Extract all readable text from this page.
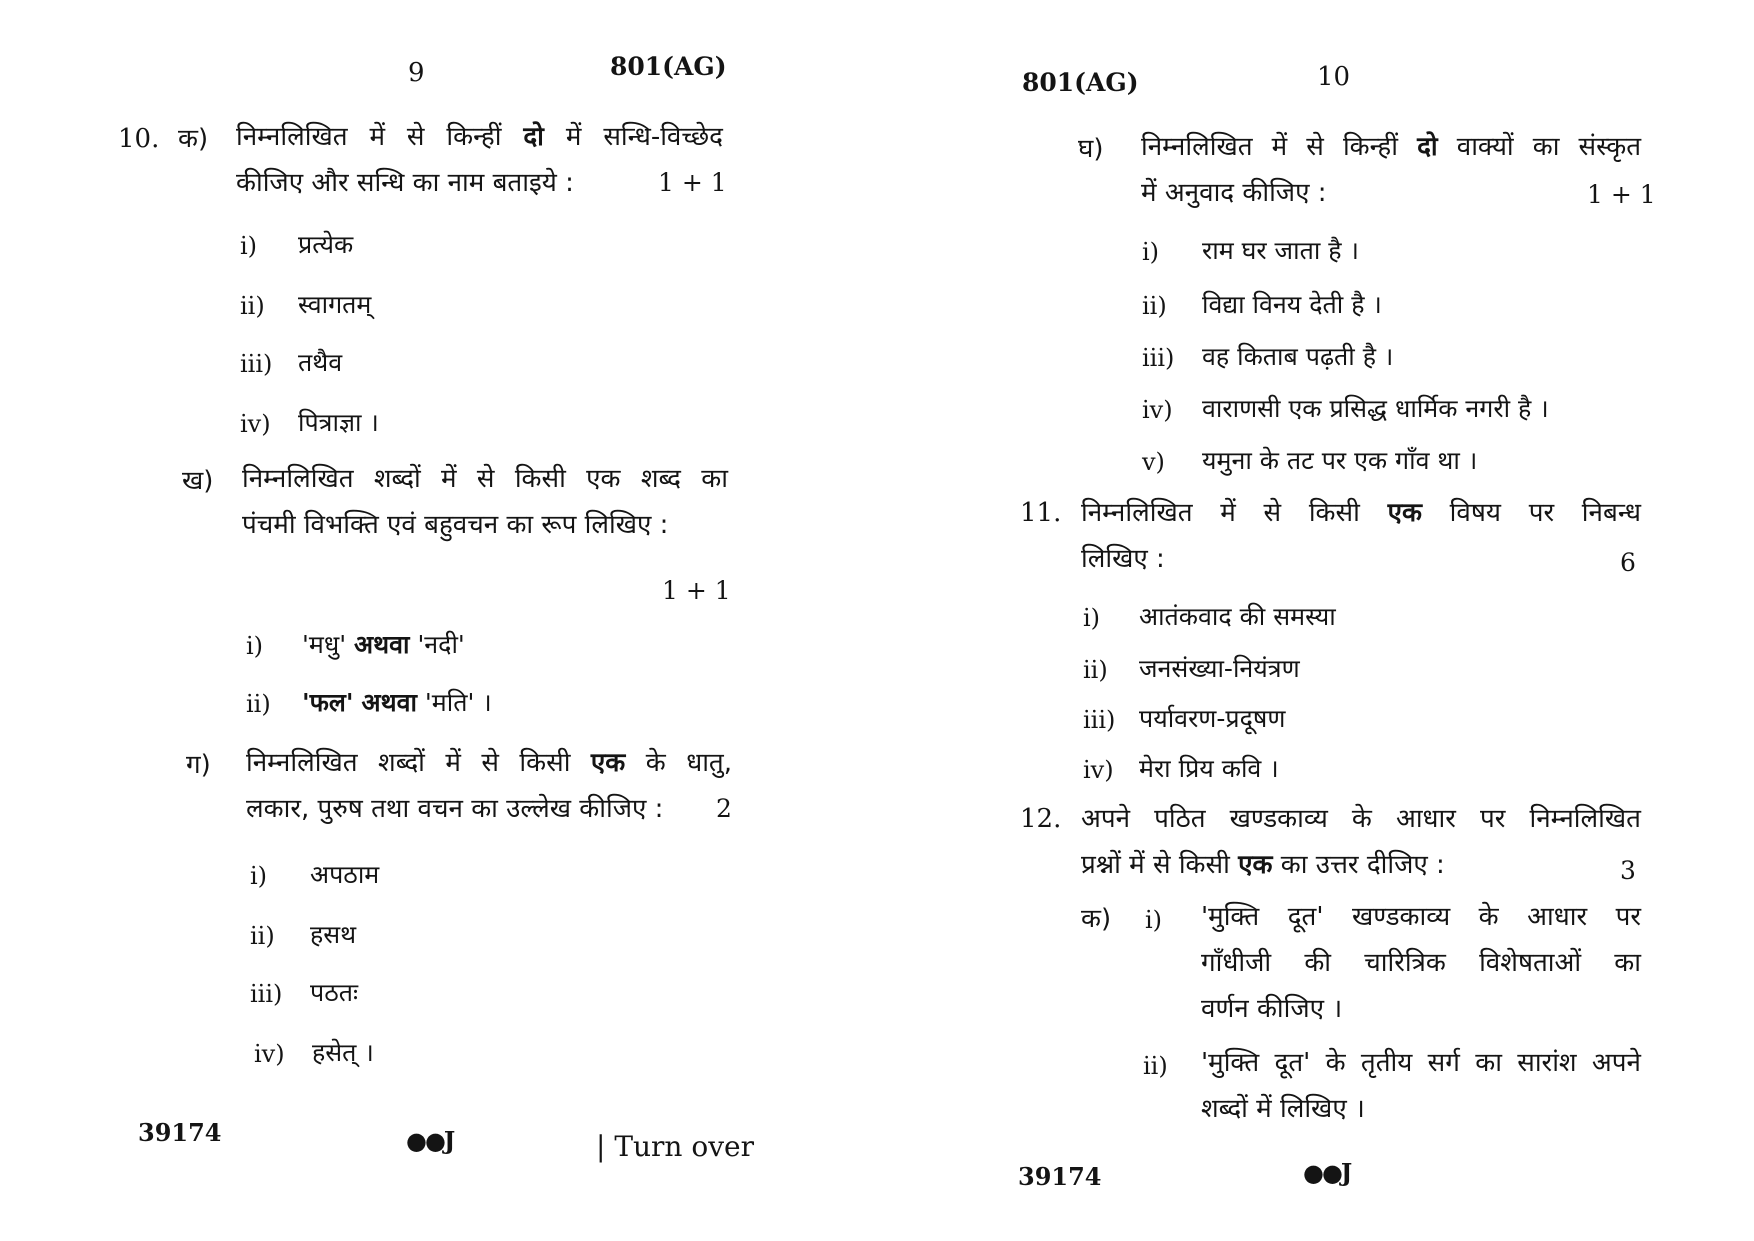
9	801(AG)
10. क) निम्नलिखित में से किन्हीं दो में सन्धि-विच्छेद
कीजिए और सन्धि का नाम बताइये :	1 + 1
i) प्रत्येक
ii) स्वागतम्
iii) तथैव
iv) पित्राज्ञा ।
ख) निम्नलिखित शब्दों में से किसी एक शब्द का
पंचमी विभक्ति एवं बहुवचन का रूप लिखिए :
1 + 1
i) 'मधु' अथवा 'नदी'
ii) 'फल' अथवा 'मति' ।
ग) निम्नलिखित शब्दों में से किसी एक के धातु,
लकार, पुरुष तथा वचन का उल्लेख कीजिए : 2
i) अपठाम
ii) हसथ
iii) पठतः
iv) हसेत् ।
39174	●●J	| Turn over
801(AG)	10
घ) निम्नलिखित में से किन्हीं दो वाक्यों का संस्कृत
में अनुवाद कीजिए :	1 + 1
i) राम घर जाता है ।
ii) विद्या विनय देती है ।
iii) वह किताब पढ़ती है ।
iv) वाराणसी एक प्रसिद्ध धार्मिक नगरी है ।
v) यमुना के तट पर एक गाँव था ।
11. निम्नलिखित में से किसी एक विषय पर निबन्ध
लिखिए :	6
i) आतंकवाद की समस्या
ii) जनसंख्या-नियंत्रण
iii) पर्यावरण-प्रदूषण
iv) मेरा प्रिय कवि ।
12. अपने पठित खण्डकाव्य के आधार पर निम्नलिखित
प्रश्नों में से किसी एक का उत्तर दीजिए :	3
क) i) 'मुक्ति दूत' खण्डकाव्य के आधार पर
गाँधीजी की चारित्रिक विशेषताओं का
वर्णन कीजिए ।
ii) 'मुक्ति दूत' के तृतीय सर्ग का सारांश अपने
शब्दों में लिखिए ।
39174	●●J
